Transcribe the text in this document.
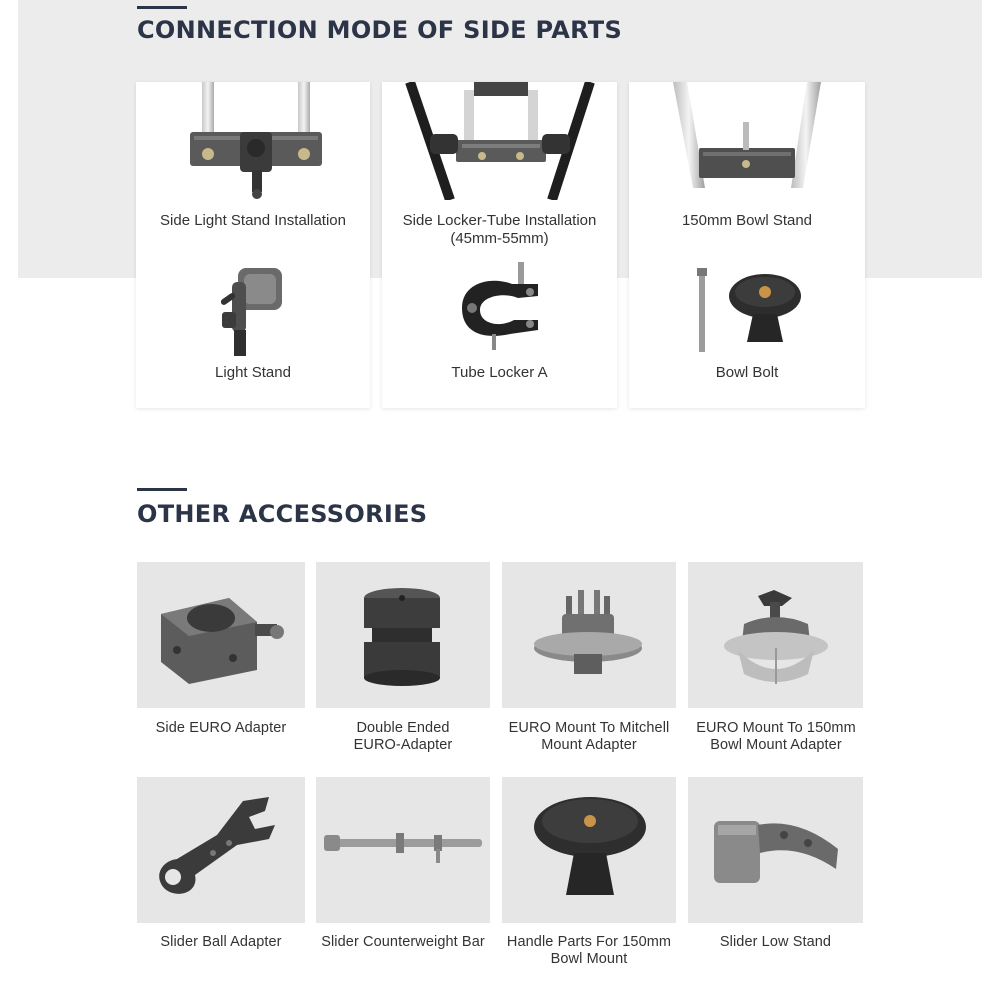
CONNECTION MODE OF SIDE PARTS
Side Light Stand Installation
Light Stand
Side Locker-Tube Installation
(45mm-55mm)
Tube Locker A
150mm Bowl Stand
Bowl Bolt
OTHER ACCESSORIES
Side EURO Adapter	Double Ended
EURO-Adapter
EURO Mount To Mitchell
Mount Adapter
EURO Mount To 150mm
Bowl Mount Adapter
Slider Ball Adapter	Slider Counterweight Bar	Handle Parts For 150mm
Bowl Mount
Slider Low Stand
